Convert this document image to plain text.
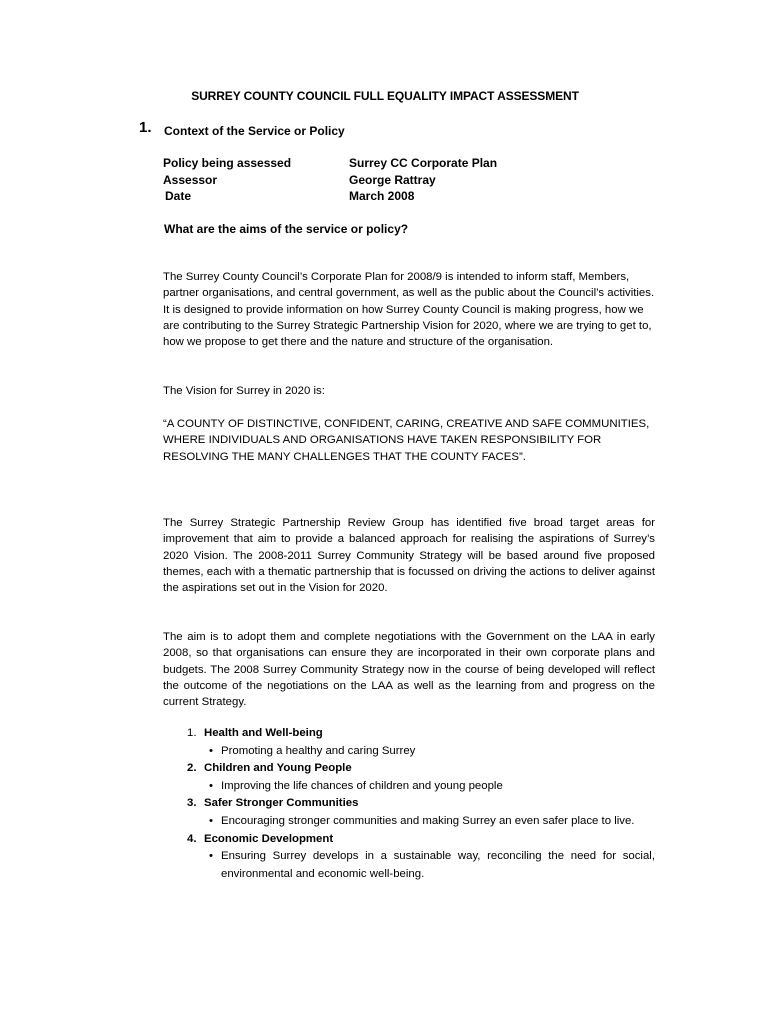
SURREY COUNTY COUNCIL FULL EQUALITY IMPACT ASSESSMENT
1. Context of the Service or Policy
Policy being assessed	Surrey CC Corporate Plan
Assessor	George Rattray
Date	March 2008
What are the aims of the service or policy?
The Surrey County Council’s Corporate Plan for 2008/9 is intended to inform staff, Members, partner organisations, and central government, as well as the public about the Council’s activities. It is designed to provide information on how Surrey County Council is making progress, how we are contributing to the Surrey Strategic Partnership Vision for 2020, where we are trying to get to, how we propose to get there and the nature and structure of the organisation.
The Vision for Surrey in 2020 is:
“A COUNTY OF DISTINCTIVE, CONFIDENT, CARING, CREATIVE AND SAFE COMMUNITIES, WHERE INDIVIDUALS AND ORGANISATIONS HAVE TAKEN RESPONSIBILITY FOR RESOLVING THE MANY CHALLENGES THAT THE COUNTY FACES”.
The Surrey Strategic Partnership Review Group has identified five broad target areas for improvement that aim to provide a balanced approach for realising the aspirations of Surrey’s 2020 Vision. The 2008-2011 Surrey Community Strategy will be based around five proposed themes, each with a thematic partnership that is focussed on driving the actions to deliver against the aspirations set out in the Vision for 2020.
The aim is to adopt them and complete negotiations with the Government on the LAA in early 2008, so that organisations can ensure they are incorporated in their own corporate plans and budgets. The 2008 Surrey Community Strategy now in the course of being developed will reflect the outcome of the negotiations on the LAA as well as the learning from and progress on the current Strategy.
1. Health and Well-being
• Promoting a healthy and caring Surrey
2. Children and Young People
• Improving the life chances of children and young people
3. Safer Stronger Communities
• Encouraging stronger communities and making Surrey an even safer place to live.
4. Economic Development
• Ensuring Surrey develops in a sustainable way, reconciling the need for social, environmental and economic well-being.
